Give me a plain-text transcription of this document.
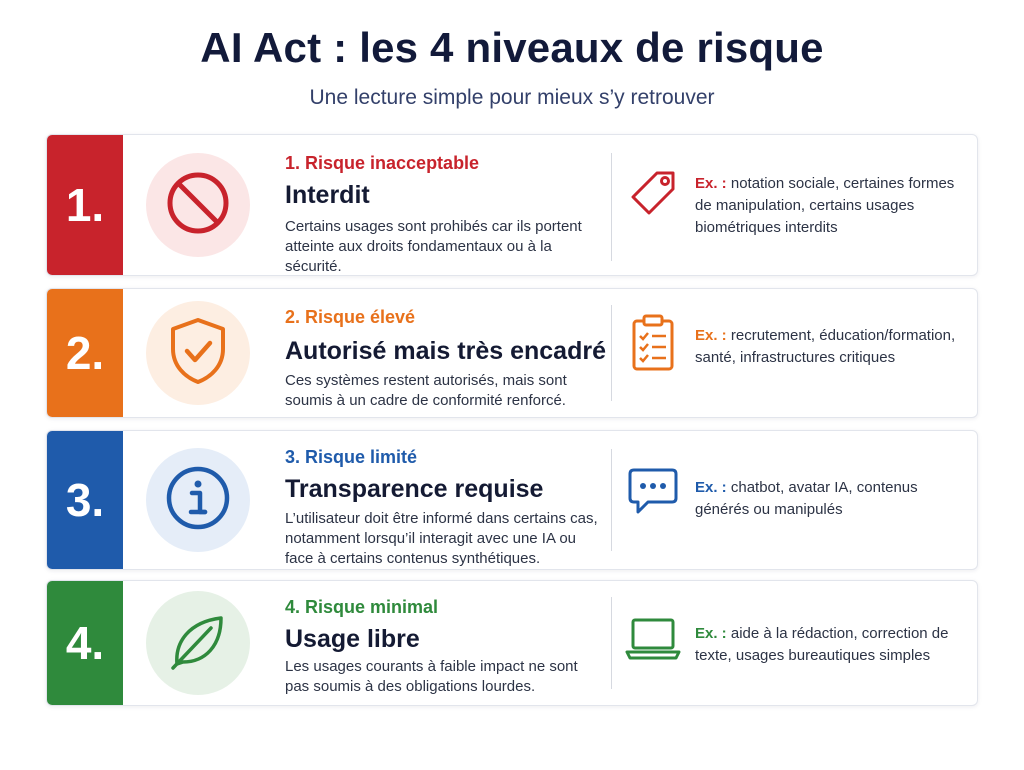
AI Act : les 4 niveaux de risque
Une lecture simple pour mieux s’y retrouver
1.
1. Risque inacceptable
Interdit
Certains usages sont prohibés car ils portent atteinte aux droits fondamentaux ou à la sécurité.
Ex. : notation sociale, certaines formes de manipulation, certains usages biométriques interdits
2.
2. Risque élevé
Autorisé mais très encadré
Ces systèmes restent autorisés, mais sont soumis à un cadre de conformité renforcé.
Ex. : recrutement, éducation/formation, santé, infrastructures critiques
3.
3. Risque limité
Transparence requise
L’utilisateur doit être informé dans certains cas, notamment lorsqu’il interagit avec une IA ou face à certains contenus synthétiques.
Ex. : chatbot, avatar IA, contenus générés ou manipulés
4.
4. Risque minimal
Usage libre
Les usages courants à faible impact ne sont pas soumis à des obligations lourdes.
Ex. : aide à la rédaction, correction de texte, usages bureautiques simples
